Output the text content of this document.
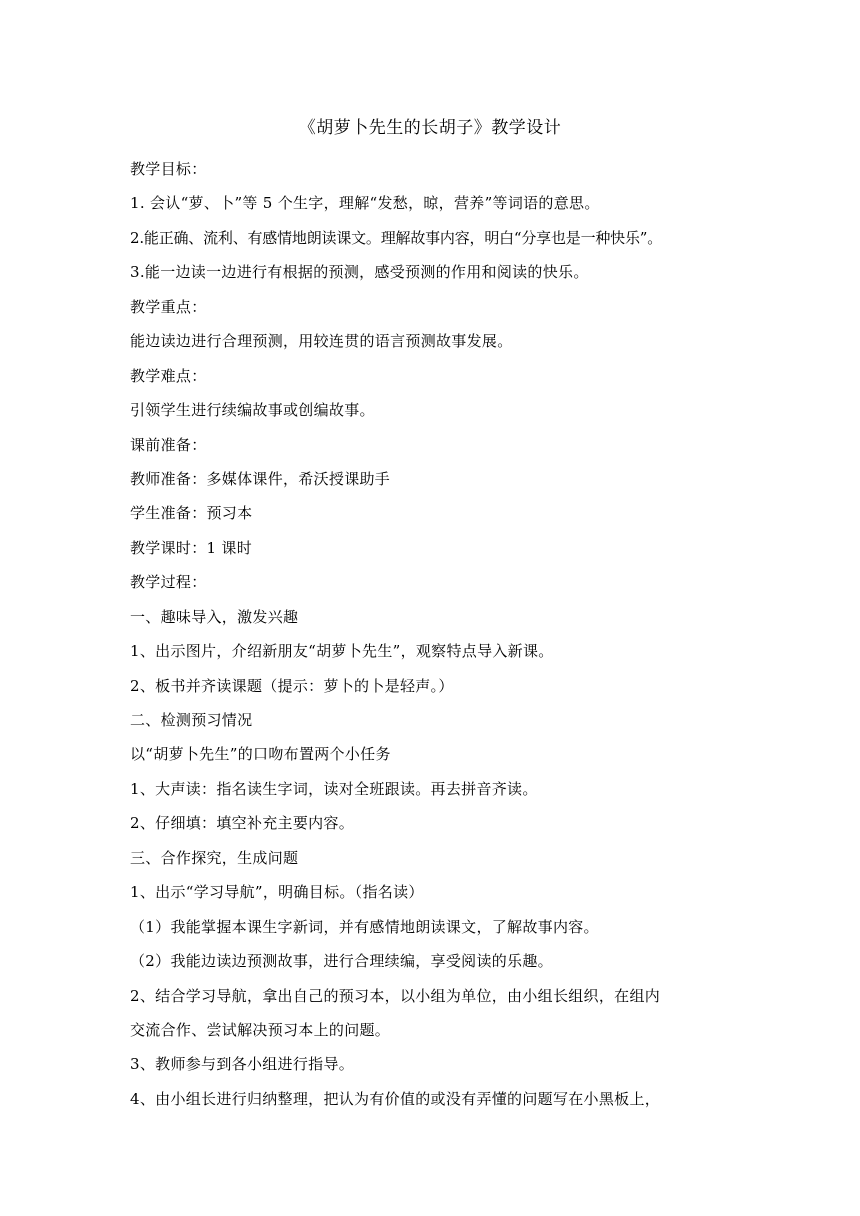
《胡萝卜先生的长胡子》教学设计
教学目标：
1. 会认“萝、卜”等 5 个生字，理解“发愁，晾，营养”等词语的意思。
2.能正确、流利、有感情地朗读课文。理解故事内容，明白“分享也是一种快乐”。
3.能一边读一边进行有根据的预测，感受预测的作用和阅读的快乐。
教学重点：
能边读边进行合理预测，用较连贯的语言预测故事发展。
教学难点：
引领学生进行续编故事或创编故事。
课前准备：
教师准备：多媒体课件，希沃授课助手
学生准备：预习本
教学课时：1 课时
教学过程：
一、趣味导入，激发兴趣
1、出示图片，介绍新朋友“胡萝卜先生”，观察特点导入新课。
2、板书并齐读课题（提示：萝卜的卜是轻声。）
二、检测预习情况
以“胡萝卜先生”的口吻布置两个小任务
1、大声读：指名读生字词，读对全班跟读。再去拼音齐读。
2、仔细填：填空补充主要内容。
三、合作探究，生成问题
1、出示“学习导航”，明确目标。（指名读）
（1）我能掌握本课生字新词，并有感情地朗读课文，了解故事内容。
（2）我能边读边预测故事，进行合理续编，享受阅读的乐趣。
2、结合学习导航，拿出自己的预习本，以小组为单位，由小组长组织，在组内
交流合作、尝试解决预习本上的问题。
3、教师参与到各小组进行指导。
4、由小组长进行归纳整理，把认为有价值的或没有弄懂的问题写在小黑板上，
